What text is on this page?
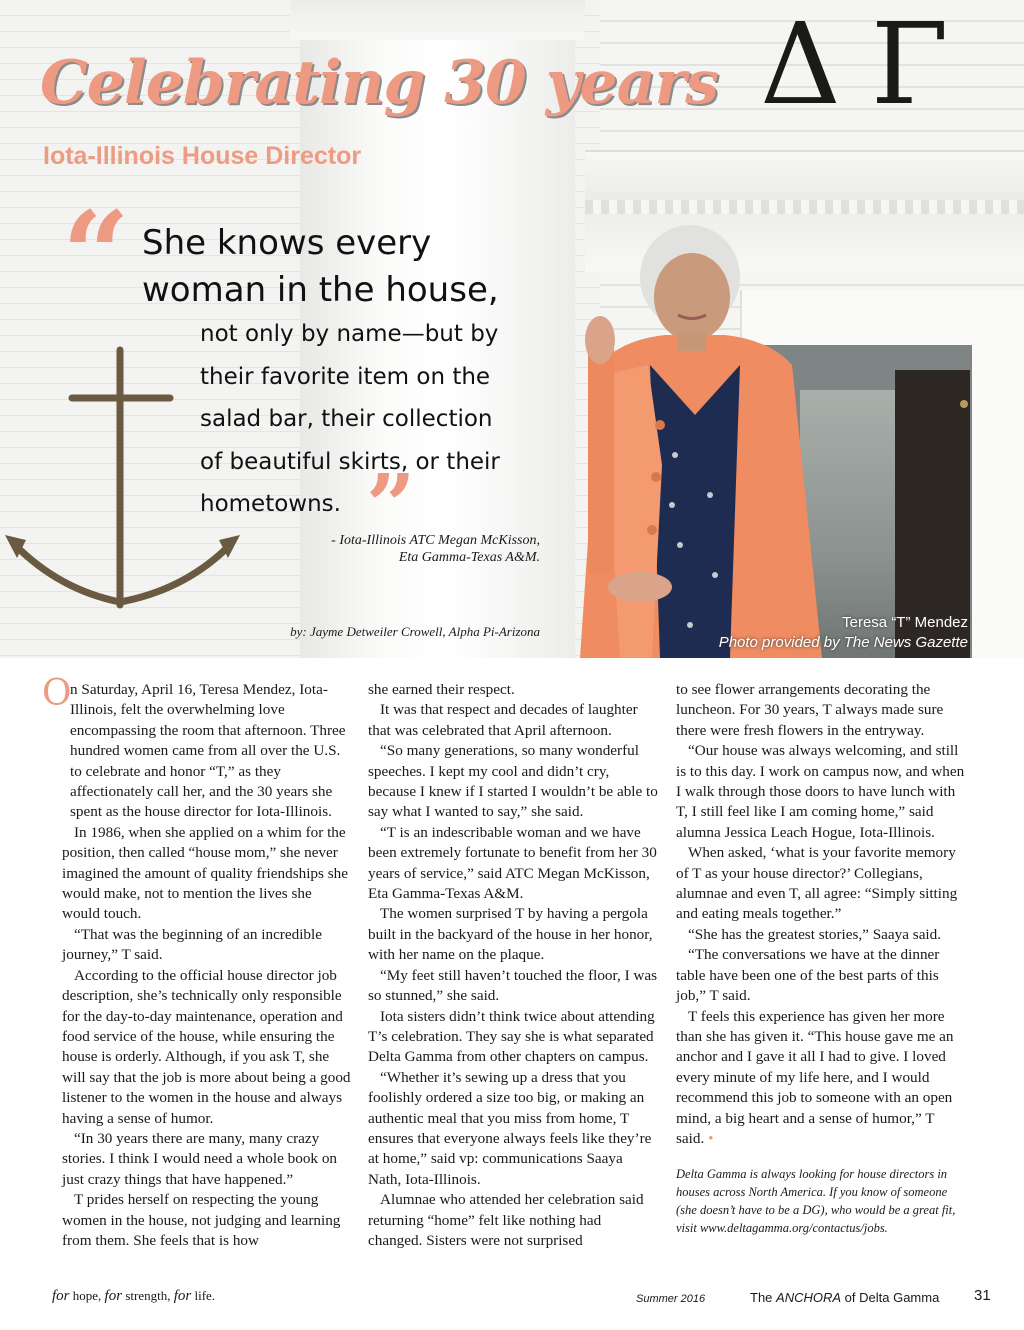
ΔΓ
Celebrating 30 years
Iota-Illinois House Director
“ She knows every
woman in the house,
not only by name—but by
their favorite item on the
salad bar, their collection
of beautiful skirts, or their
hometowns. ”
- Iota-Illinois ATC Megan McKisson,
Eta Gamma-Texas A&M.
by: Jayme Detweiler Crowell, Alpha Pi-Arizona
Teresa “T” Mendez
Photo provided by The News Gazette
O

n Saturday, April 16, Teresa Mendez, Iota-Illinois, felt the overwhelming love encompassing the room that afternoon. Three hundred women came from all over the U.S. to celebrate and honor “T,” as they affectionately call her, and the 30 years she spent as the house director for Iota-Illinois.

In 1986, when she applied on a whim for the position, then called “house mom,” she never imagined the amount of quality friendships she would make, not to mention the lives she would touch.

“That was the beginning of an incredible journey,” T said.

According to the official house director job description, she’s technically only responsible for the day-to-day maintenance, operation and food service of the house, while ensuring the house is orderly. Although, if you ask T, she will say that the job is more about being a good listener to the women in the house and always having a sense of humor.

“In 30 years there are many, many crazy stories. I think I would need a whole book on just crazy things that have happened.”

T prides herself on respecting the young women in the house, not judging and learning from them. She feels that is how

she earned their respect.

It was that respect and decades of laughter that was celebrated that April afternoon.

“So many generations, so many wonderful speeches. I kept my cool and didn’t cry, because I knew if I started I wouldn’t be able to say what I wanted to say,” she said.

“T is an indescribable woman and we have been extremely fortunate to benefit from her 30 years of service,” said ATC Megan McKisson, Eta Gamma-Texas A&M.

The women surprised T by having a pergola built in the backyard of the house in her honor, with her name on the plaque.

“My feet still haven’t touched the floor, I was so stunned,” she said.

Iota sisters didn’t think twice about attending T’s celebration. They say she is what separated Delta Gamma from other chapters on campus.

“Whether it’s sewing up a dress that you foolishly ordered a size too big, or making an authentic meal that you miss from home, T ensures that everyone always feels like they’re at home,” said vp: communications Saaya Nath, Iota-Illinois.

Alumnae who attended her celebration said returning “home” felt like nothing had changed. Sisters were not surprised

to see flower arrangements decorating the luncheon. For 30 years, T always made sure there were fresh flowers in the entryway.

“Our house was always welcoming, and still is to this day. I work on campus now, and when I walk through those doors to have lunch with T, I still feel like I am coming home,” said alumna Jessica Leach Hogue, Iota-Illinois.

When asked, ‘what is your favorite memory of T as your house director?’ Collegians, alumnae and even T, all agree: “Simply sitting and eating meals together.”

“She has the greatest stories,” Saaya said.

“The conversations we have at the dinner table have been one of the best parts of this job,” T said.

T feels this experience has given her more than she has given it. “This house gave me an anchor and I gave it all I had to give. I loved every minute of my life here, and I would recommend this job to someone with an open mind, a big heart and a sense of humor,” T said. •

Delta Gamma is always looking for house directors in houses across North America. If you know of someone (she doesn’t have to be a DG), who would be a great fit, visit www.deltagamma.org/contactus/jobs.

for hope, for strength, for life.	Summer 2016	The ANCHORA of Delta Gamma 31
